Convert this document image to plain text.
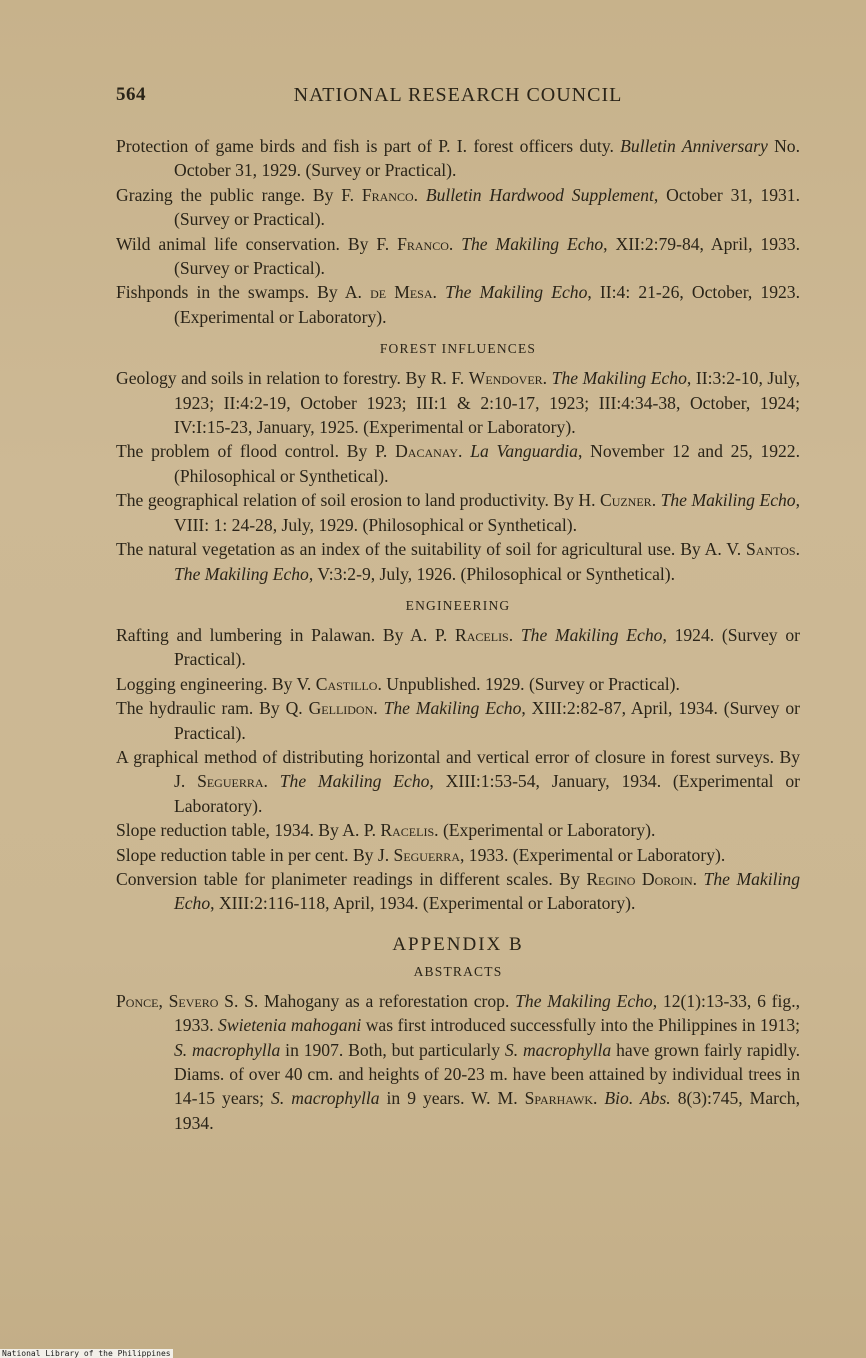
564	NATIONAL RESEARCH COUNCIL

Protection of game birds and fish is part of P. I. forest officers duty. Bulletin Anniversary No. October 31, 1929. (Survey or Practical).

Grazing the public range. By F. Franco. Bulletin Hardwood Supplement, October 31, 1931. (Survey or Practical).

Wild animal life conservation. By F. Franco. The Makiling Echo, XII:2:79-84, April, 1933. (Survey or Practical).

Fishponds in the swamps. By A. de Mesa. The Makiling Echo, II:4: 21-26, October, 1923. (Experimental or Laboratory).

FOREST INFLUENCES

Geology and soils in relation to forestry. By R. F. Wendover. The Makiling Echo, II:3:2-10, July, 1923; II:4:2-19, October 1923; III:1 & 2:10-17, 1923; III:4:34-38, October, 1924; IV:I:15-23, January, 1925. (Experimental or Laboratory).

The problem of flood control. By P. Dacanay. La Vanguardia, November 12 and 25, 1922. (Philosophical or Synthetical).

The geographical relation of soil erosion to land productivity. By H. Cuzner. The Makiling Echo, VIII: 1: 24-28, July, 1929. (Philosophical or Synthetical).

The natural vegetation as an index of the suitability of soil for agricultural use. By A. V. Santos. The Makiling Echo, V:3:2-9, July, 1926. (Philosophical or Synthetical).

ENGINEERING

Rafting and lumbering in Palawan. By A. P. Racelis. The Makiling Echo, 1924. (Survey or Practical).

Logging engineering. By V. Castillo. Unpublished. 1929. (Survey or Practical).

The hydraulic ram. By Q. Gellidon. The Makiling Echo, XIII:2:82-87, April, 1934. (Survey or Practical).

A graphical method of distributing horizontal and vertical error of closure in forest surveys. By J. Seguerra. The Makiling Echo, XIII:1:53-54, January, 1934. (Experimental or Laboratory).

Slope reduction table, 1934. By A. P. Racelis. (Experimental or Laboratory).

Slope reduction table in per cent. By J. Seguerra, 1933. (Experimental or Laboratory).

Conversion table for planimeter readings in different scales. By Regino Doroin. The Makiling Echo, XIII:2:116-118, April, 1934. (Experimental or Laboratory).

APPENDIX B
ABSTRACTS

Ponce, Severo S. S. Mahogany as a reforestation crop. The Makiling Echo, 12(1):13-33, 6 fig., 1933. Swietenia mahogani was first introduced successfully into the Philippines in 1913; S. macrophylla in 1907. Both, but particularly S. macrophylla have grown fairly rapidly. Diams. of over 40 cm. and heights of 20-23 m. have been attained by individual trees in 14-15 years; S. macrophylla in 9 years. W. M. Sparhawk. Bio. Abs. 8(3):745, March, 1934.

National Library of the Philippines
